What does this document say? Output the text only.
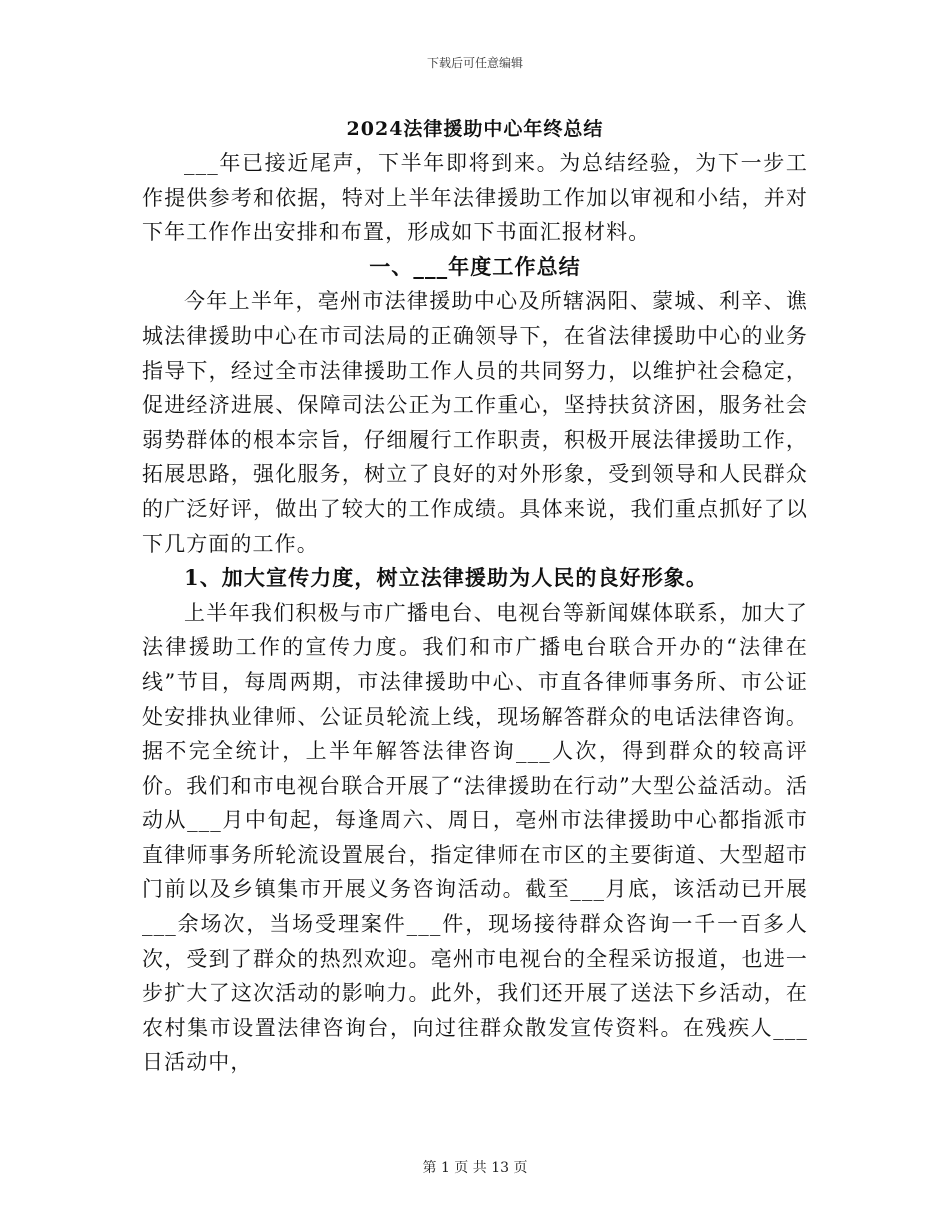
下载后可任意编辑
2024法律援助中心年终总结

___年已接近尾声，下半年即将到来。为总结经验，为下一步工作提供参考和依据，特对上半年法律援助工作加以审视和小结，并对下年工作作出安排和布置，形成如下书面汇报材料。

一、___年度工作总结

今年上半年，亳州市法律援助中心及所辖涡阳、蒙城、利辛、谯城法律援助中心在市司法局的正确领导下，在省法律援助中心的业务指导下，经过全市法律援助工作人员的共同努力，以维护社会稳定，促进经济进展、保障司法公正为工作重心，坚持扶贫济困，服务社会弱势群体的根本宗旨，仔细履行工作职责，积极开展法律援助工作，拓展思路，强化服务，树立了良好的对外形象，受到领导和人民群众的广泛好评，做出了较大的工作成绩。具体来说，我们重点抓好了以下几方面的工作。

1、加大宣传力度，树立法律援助为人民的良好形象。

上半年我们积极与市广播电台、电视台等新闻媒体联系，加大了法律援助工作的宣传力度。我们和市广播电台联合开办的“法律在线”节目，每周两期，市法律援助中心、市直各律师事务所、市公证处安排执业律师、公证员轮流上线，现场解答群众的电话法律咨询。据不完全统计，上半年解答法律咨询___人次，得到群众的较高评价。我们和市电视台联合开展了“法律援助在行动”大型公益活动。活动从___月中旬起，每逢周六、周日，亳州市法律援助中心都指派市直律师事务所轮流设置展台，指定律师在市区的主要街道、大型超市门前以及乡镇集市开展义务咨询活动。截至___月底，该活动已开展___余场次，当场受理案件___件，现场接待群众咨询一千一百多人次，受到了群众的热烈欢迎。亳州市电视台的全程采访报道，也进一步扩大了这次活动的影响力。此外，我们还开展了送法下乡活动，在农村集市设置法律咨询台，向过往群众散发宣传资料。在残疾人___日活动中，

第 1 页 共 13 页
